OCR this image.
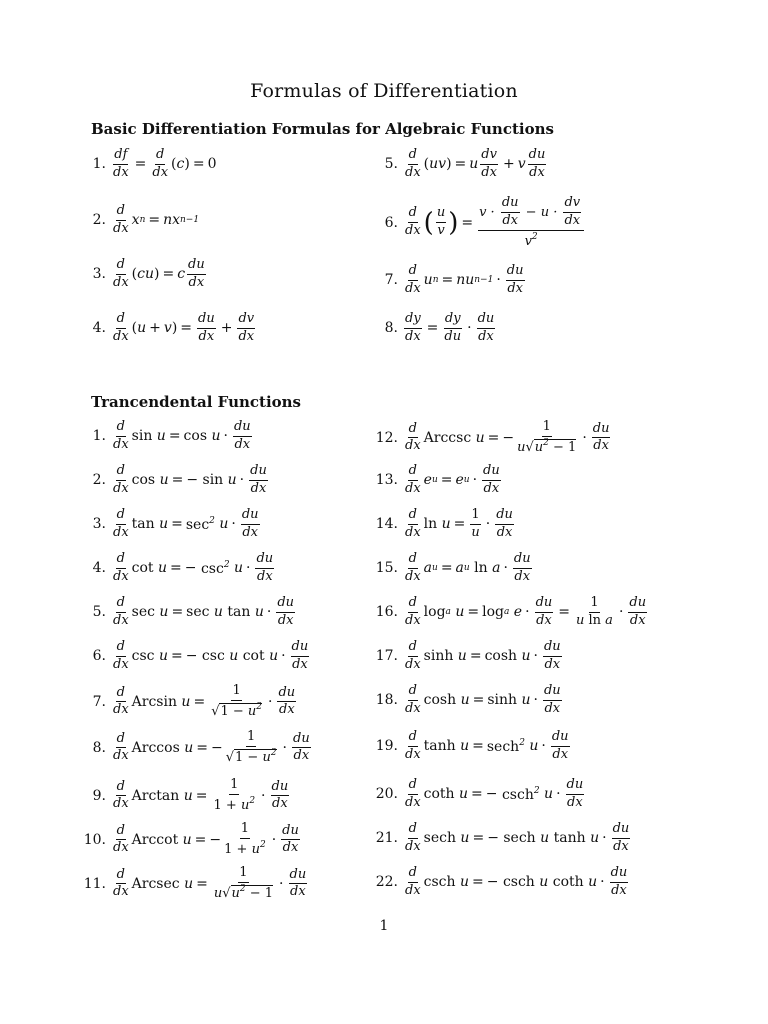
Formulas of Differentiation
Basic Differentiation Formulas for Algebraic Functions
1. $\frac{df}{dx} = \frac{d}{dx}$ ( c ) = 0
2. $\frac{d}{dx}$ x n = nx n−1
3. $\frac{d}{dx}$ ( cu ) = c $\frac{du}{dx}$
4. $\frac{d}{dx}$ ( u + v ) = $\frac{du}{dx} + \frac{dv}{dx}$
5. $\frac{d}{dx}$ ( uv ) = u $\frac{dv}{dx} + v \frac{du}{dx}$
6. $\frac{d}{dx}$ ( $\frac{u}{v}$ ) = $\frac{v \cdot \frac{du}{dx} - u \cdot \frac{dv}{dx}}{v^2}$
7. $\frac{d}{dx}$ u n = nu $n-1 \cdot \frac{du}{dx}$
8. $\frac{dy}{dx} = \frac{dy}{du} \cdot \frac{du}{dx}$
Trancendental Functions
1. $\frac{d}{dx}$ $\sin u = \cos u \cdot \frac{du}{dx}$
2. $\frac{d}{dx}$ cos u = − $\sin u \cdot \frac{du}{dx}$
3. $\frac{d}{dx}$ $\tan u = \sec^2 u \cdot \frac{du}{dx}$
4. $\frac{d}{dx}$ cot u = − $\csc^2 u \cdot \frac{du}{dx}$
5. $\frac{d}{dx}$ sec u = sec u $\tan u \cdot \frac{du}{dx}$
6. $\frac{d}{dx}$ csc u = − csc u $\cot u \cdot \frac{du}{dx}$
7. $\frac{d}{dx}$ Arcsin $u = \frac{1}{√1 - u^2} \cdot \frac{du}{dx}$
8. $\frac{d}{dx}$ Arccos u = − $\frac{1}{√1 - u^2} \cdot \frac{du}{dx}$
9. $\frac{d}{dx}$ Arctan $u = \frac{1}{1 + u^2} \cdot \frac{du}{dx}$
10. $\frac{d}{dx}$ Arccot u = − $\frac{1}{1 + u^2} \cdot \frac{du}{dx}$
11. $\frac{d}{dx}$ Arcsec $u = \frac{1}{u√u^2 - 1} \cdot \frac{du}{dx}$
12. $\frac{d}{dx}$ Arccsc u = − $\frac{1}{u√u^2 - 1} \cdot \frac{du}{dx}$
13. $\frac{d}{dx}$ e u = e $u \cdot \frac{du}{dx}$
14. $\frac{d}{dx}$ $\ln u = \frac{1}{u} \cdot \frac{du}{dx}$
15. $\frac{d}{dx}$ a u = a u
$\ln a \cdot \frac{du}{dx}$
16. $\frac{d}{dx}$ log a u = log a $e \cdot \frac{du}{dx} = \frac{1}{\text{u ln a}} \cdot \frac{du}{dx}$
17. $\frac{d}{dx}$ $\sinh u = \cosh u \cdot \frac{du}{dx}$
18. $\frac{d}{dx}$ $\cosh u = \sinh u \cdot \frac{du}{dx}$
19. $\frac{d}{dx}$ tanh u = sech$^2$ $u \cdot \frac{du}{dx}$
20. $\frac{d}{dx}$ coth u = − csch$^2$ $u \cdot \frac{du}{dx}$
21. $\frac{d}{dx}$ sech u = − sech u $\tanh u \cdot \frac{du}{dx}$
22. $\frac{d}{dx}$ csch u = − csch u coth $u \cdot \frac{du}{dx}$
1
